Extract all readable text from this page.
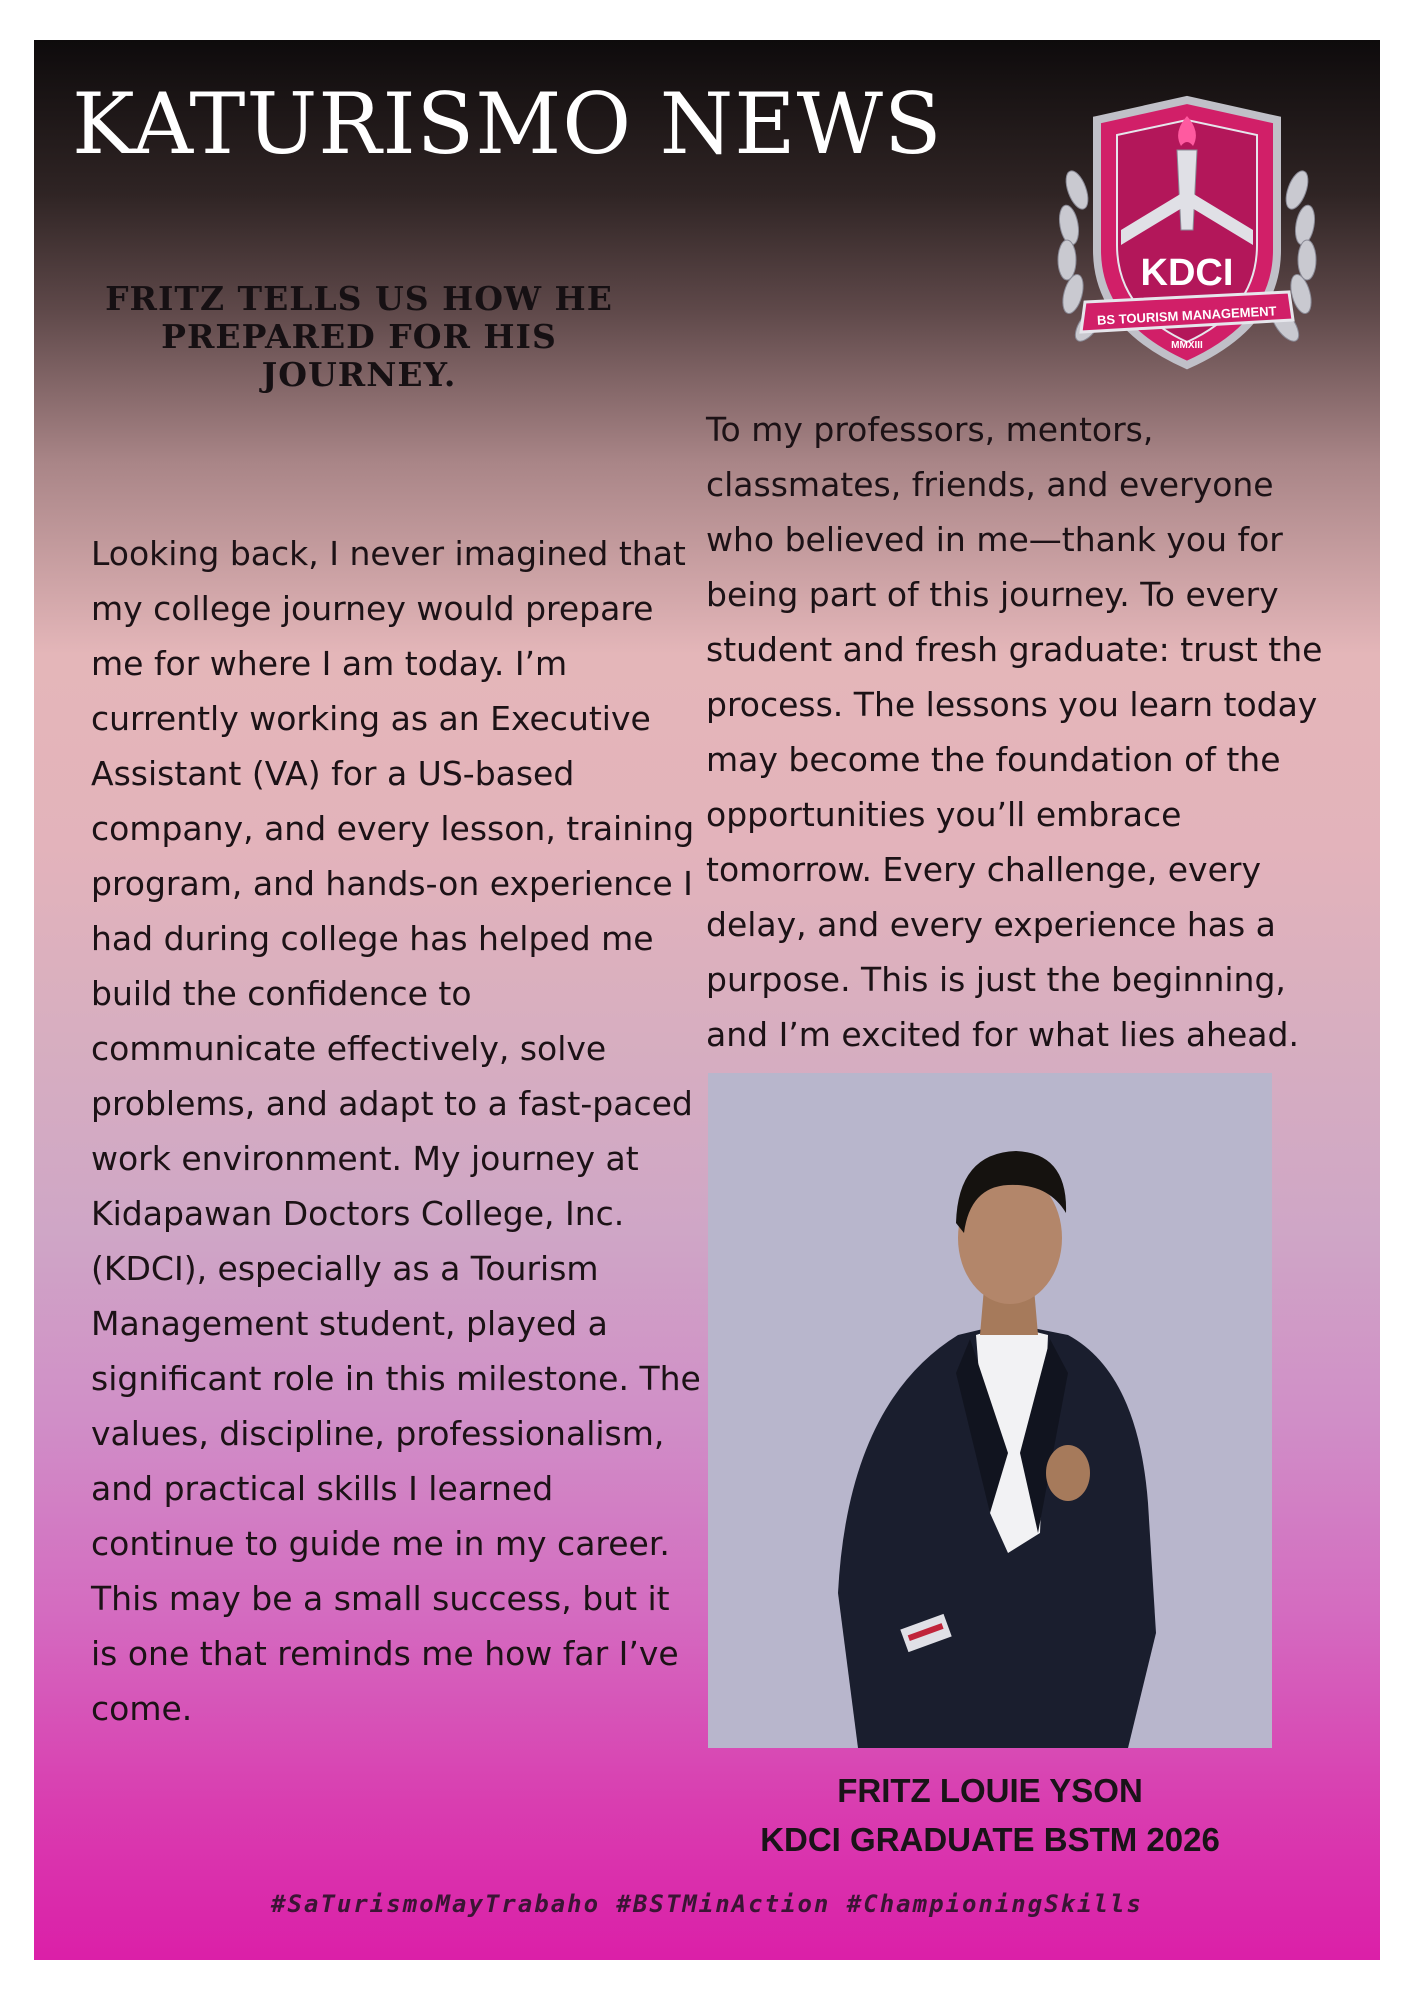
KATURISMO NEWS
KDCI
BS TOURISM MANAGEMENT
MMXIII
FRITZ TELLS US HOW HE PREPARED FOR HIS JOURNEY.

Looking back, I never imagined that my college journey would prepare me for where I am today. I’m currently working as an Executive Assistant (VA) for a US-based company, and every lesson, training program, and hands-on experience I had during college has helped me build the confidence to communicate effectively, solve problems, and adapt to a fast-paced work environment. My journey at Kidapawan Doctors College, Inc. (KDCI), especially as a Tourism Management student, played a significant role in this milestone. The values, discipline, professionalism, and practical skills I learned continue to guide me in my career. This may be a small success, but it is one that reminds me how far I’ve come.

To my professors, mentors, classmates, friends, and everyone who believed in me—thank you for being part of this journey. To every student and fresh graduate: trust the process. The lessons you learn today may become the foundation of the opportunities you’ll embrace tomorrow. Every challenge, every delay, and every experience has a purpose. This is just the beginning, and I’m excited for what lies ahead.

FRITZ LOUIE YSON
KDCI GRADUATE BSTM 2026
#SaTurismoMayTrabaho #BSTMinAction #ChampioningSkills
